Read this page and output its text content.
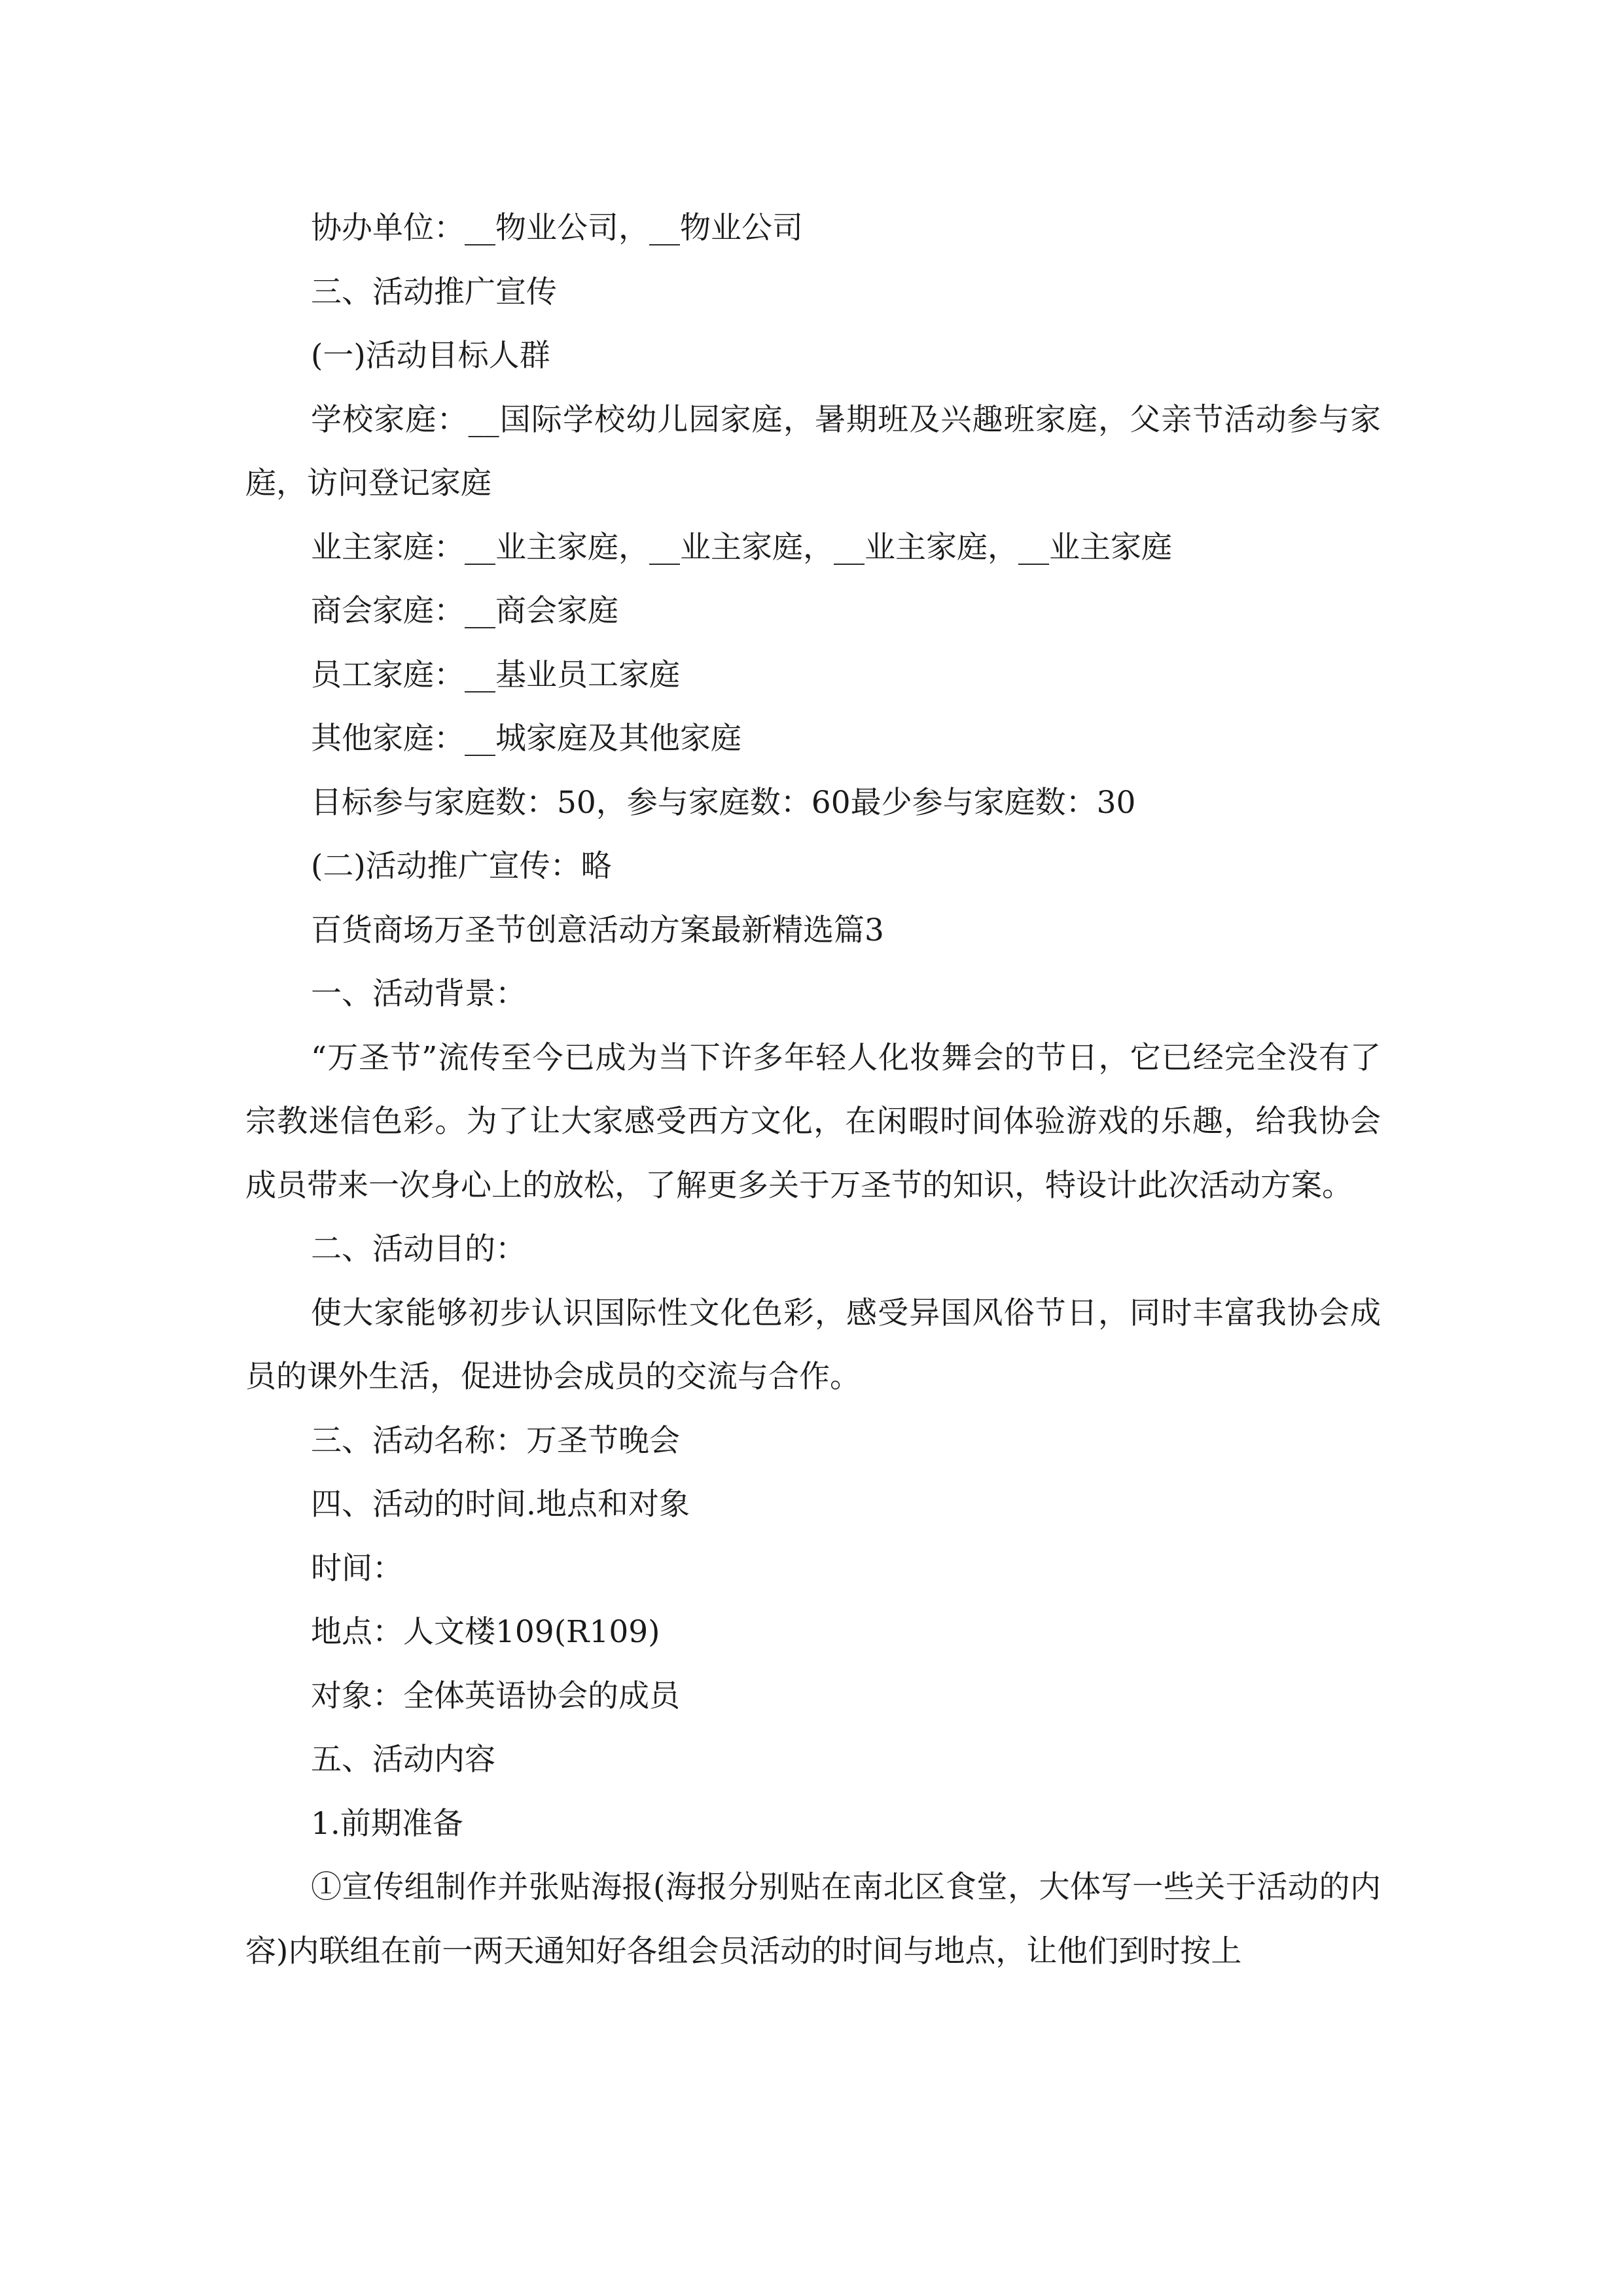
协办单位：__物业公司，__物业公司

三、活动推广宣传

(一)活动目标人群

学校家庭：__国际学校幼儿园家庭，暑期班及兴趣班家庭，父亲节活动参与家庭，访问登记家庭

业主家庭：__业主家庭，__业主家庭，__业主家庭，__业主家庭

商会家庭：__商会家庭

员工家庭：__基业员工家庭

其他家庭：__城家庭及其他家庭

目标参与家庭数：50，参与家庭数：60最少参与家庭数：30

(二)活动推广宣传：略

百货商场万圣节创意活动方案最新精选篇3

一、活动背景：

“万圣节”流传至今已成为当下许多年轻人化妆舞会的节日，它已经完全没有了宗教迷信色彩。为了让大家感受西方文化，在闲暇时间体验游戏的乐趣，给我协会成员带来一次身心上的放松，了解更多关于万圣节的知识，特设计此次活动方案。

二、活动目的：

使大家能够初步认识国际性文化色彩，感受异国风俗节日，同时丰富我协会成员的课外生活，促进协会成员的交流与合作。

三、活动名称：万圣节晚会

四、活动的时间.地点和对象

时间：

地点：人文楼109(R109)

对象：全体英语协会的成员

五、活动内容

1.前期准备

①宣传组制作并张贴海报(海报分别贴在南北区食堂，大体写一些关于活动的内容)内联组在前一两天通知好各组会员活动的时间与地点，让他们到时按上
